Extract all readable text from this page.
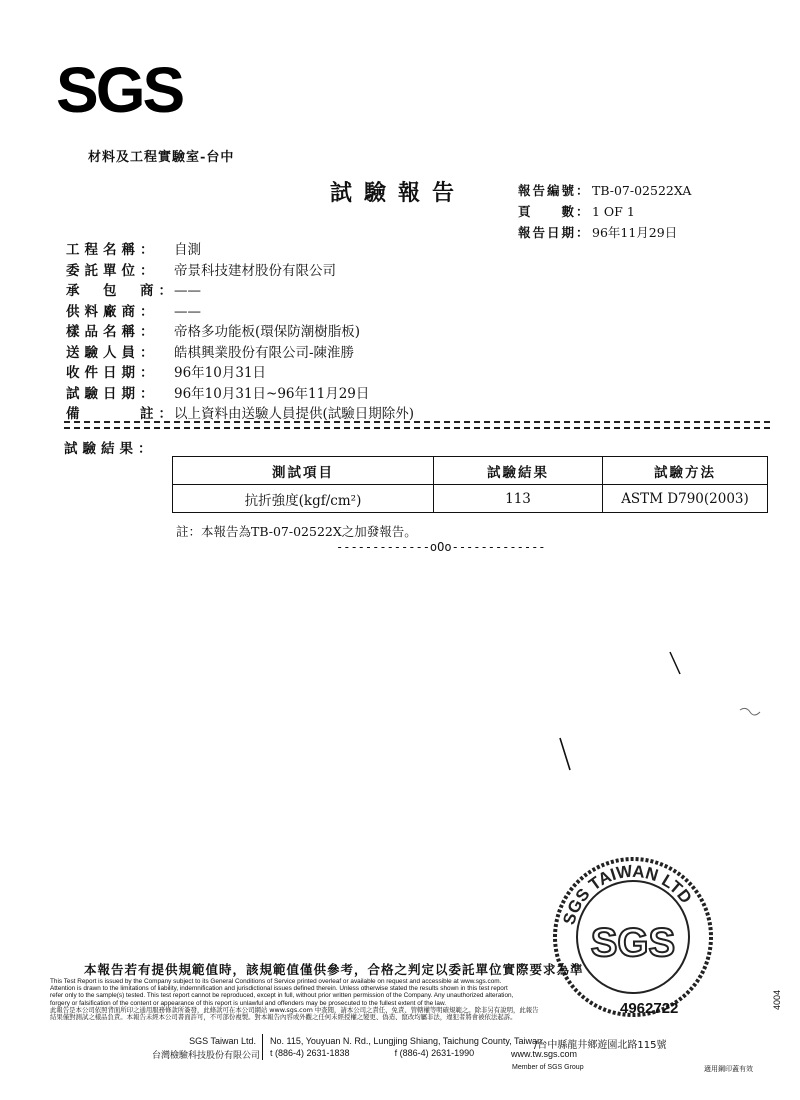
SGS
材料及工程實驗室-台中
試驗報告	報告編號： TB-07-02522XA
頁　　數： 1 OF 1
報告日期： 96年11月29日
工程名稱：	自測
委託單位：	帝景科技建材股份有限公司
承　包　商：
——
供料廠商：	——
樣品名稱：	帝格多功能板(環保防潮樹脂板)
送驗人員：	皓棋興業股份有限公司-陳淮勝
收件日期：	96年10月31日
試驗日期：	96年10月31日~96年11月29日
備　　　註：
以上資料由送驗人員提供(試驗日期除外)
試驗結果：
測試項目	試驗結果	試驗方法
抗折強度(kgf/cm²)	113	ASTM D790(2003)
註：本報告為TB-07-02522X之加發報告。
-------------oOo-------------
SGS TAIWAN LTD
SGS
本報告若有提供規範值時，該規範值僅供參考，合格之判定以委託單位實際要求為準
This Test Report is issued by the Company subject to its General Conditions of Service printed overleaf or available on request and accessible at www.sgs.com.
Attention is drawn to the limitations of liability, indemnification and jurisdictional issues defined therein. Unless otherwise stated the results shown in this test report
refer only to the sample(s) tested. This test report cannot be reproduced, except in full, without prior written permission of the Company. Any unauthorized alteration,
forgery or falsification of the content or appearance of this report is unlawful and offenders may be prosecuted to the fullest extent of the law.
此報告是本公司依照背面所印之通用服務條款所簽發，此條款可在本公司網站 www.sgs.com 中查閱，請本公司之責任、免責、管轄權等明確規範之。除非另有說明，此報告
結果僅對測試之樣品負責。本報告未經本公司書面許可，不可部份複製。對本報告內容或外觀之任何未經授權之變更、偽造、竄改均屬非法，違犯者將會被依法起訴。
4962722
SGS Taiwan Ltd.
台灣檢驗科技股份有限公司
No. 115, Youyuan N. Rd., Lungjing Shiang, Taichung County, Taiwan.
t (886-4) 2631-1838	f (886-4) 2631-1990
/台中縣龍井鄉遊園北路115號
www.tw.sgs.com
Member of SGS Group	適用鋼印蓋有效
4004
